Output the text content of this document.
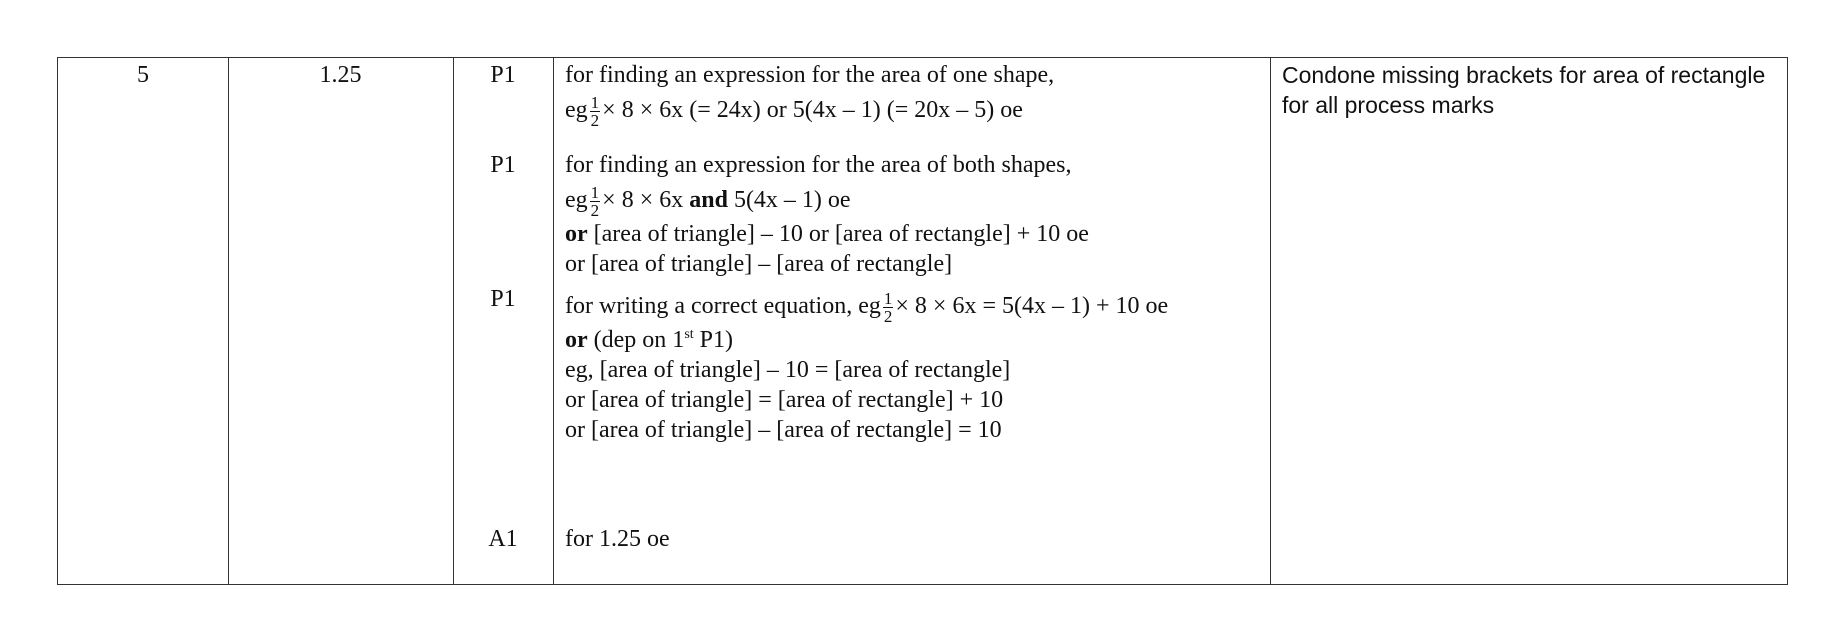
5	1.25	P1	for finding an expression for the area of one shape,
eg $\frac{1}{2} \times 8 \times 6x$ (= 24x) or 5(4x – 1) (= 20x – 5) oe
P1	for finding an expression for the area of both shapes,
eg $\frac{1}{2} \times 8 \times 6x$ and 5(4x – 1) oe
or [area of triangle] – 10 or [area of rectangle] + 10 oe
or [area of triangle] – [area of rectangle]
P1	for writing a correct equation, eg $\frac{1}{2} \times 8 \times 6x = 5(4x - 1) + 10$ oe
or (dep on 1st P1)
eg, [area of triangle] – 10 = [area of rectangle]
or [area of triangle] = [area of rectangle] + 10
or [area of triangle] – [area of rectangle] = 10
A1	for 1.25 oe
Condone missing brackets for area of rectangle
for all process marks
